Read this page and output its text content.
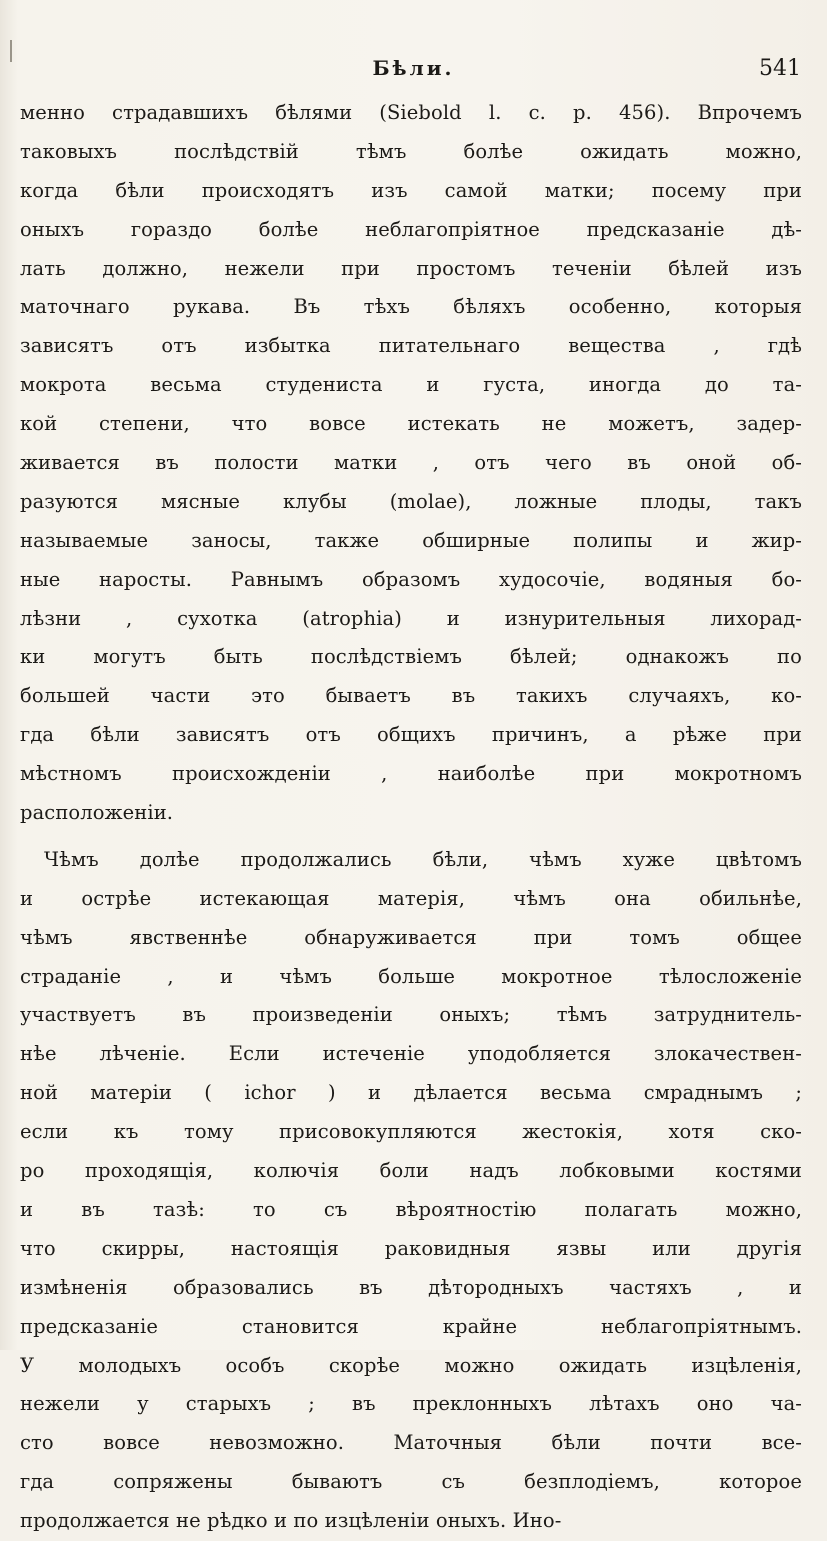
Бѣли.	541
менно страдавшихъ бѣлями (Siebold l. c. p. 456). Впрочемъ
таковыхъ послѣдствій тѣмъ болѣе ожидать можно,
когда бѣли происходятъ изъ самой матки; посему при
оныхъ гораздо болѣе неблагопріятное предсказаніе дѣ-
лать должно, нежели при простомъ теченіи бѣлей изъ
маточнаго рукава. Въ тѣхъ бѣляхъ особенно, которыя
зависятъ отъ избытка питательнаго вещества , гдѣ
мокрота весьма студениста и густа, иногда до та-
кой степени, что вовсе истекать не можетъ, задер-
живается въ полости матки , отъ чего въ оной об-
разуются мясные клубы (molae), ложные плоды, такъ
называемые заносы, также обширные полипы и жир-
ные наросты. Равнымъ образомъ худосочіе, водяныя бо-
лѣзни , сухотка (atrophia) и изнурительныя лихорад-
ки могутъ быть послѣдствіемъ бѣлей; однакожъ по
большей части это бываетъ въ такихъ случаяхъ, ко-
гда бѣли зависятъ отъ общихъ причинъ, а рѣже при
мѣстномъ происхожденіи , наиболѣе при мокротномъ
расположеніи.
Чѣмъ долѣе продолжались бѣли, чѣмъ хуже цвѣтомъ
и острѣе истекающая матерія, чѣмъ она обильнѣе,
чѣмъ явственнѣе обнаруживается при томъ общее
страданіе , и чѣмъ больше мокротное тѣлосложеніе
участвуетъ въ произведеніи оныхъ; тѣмъ затруднитель-
нѣе лѣченіе. Если истеченіе уподобляется злокачествен-
ной матеріи ( ichor ) и дѣлается весьма смраднымъ ;
если къ тому присовокупляются жестокія, хотя ско-
ро проходящія, колючія боли надъ лобковыми костями
и въ тазѣ: то съ вѣроятностію полагать можно,
что скирры, настоящія раковидныя язвы или другія
измѣненія образовались въ дѣтородныхъ частяхъ , и
предсказаніе становится крайне неблагопріятнымъ.
У молодыхъ особъ скорѣе можно ожидать изцѣленія,
нежели у старыхъ ; въ преклонныхъ лѣтахъ оно ча-
сто вовсе невозможно. Маточныя бѣли почти все-
гда сопряжены бываютъ съ безплодіемъ, которое
продолжается не рѣдко и по изцѣленіи оныхъ. Ино-
